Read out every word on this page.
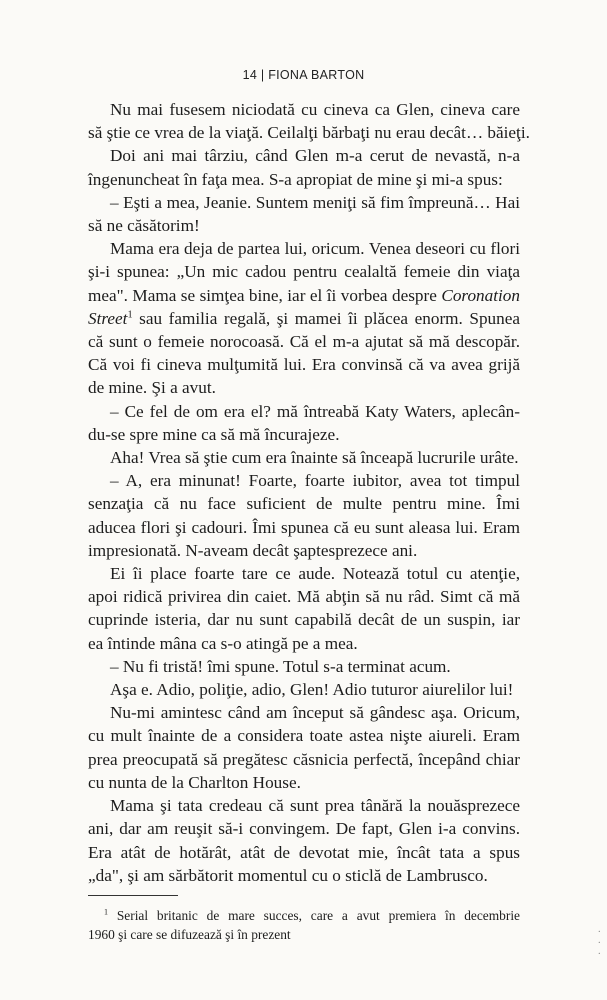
14 | FIONA BARTON
Nu mai fusesem niciodată cu cineva ca Glen, cineva care
să ştie ce vrea de la viaţă. Ceilalţi bărbaţi nu erau decât… băieţi.
Doi ani mai târziu, când Glen m-a cerut de nevastă, n-a
îngenuncheat în faţa mea. S-a apropiat de mine şi mi-a spus:
– Eşti a mea, Jeanie. Suntem meniţi să fim împreună… Hai
să ne căsătorim!
Mama era deja de partea lui, oricum. Venea deseori cu flori
şi-i spunea: „Un mic cadou pentru cealaltă femeie din viaţa
mea". Mama se simţea bine, iar el îi vorbea despre Coronation
Street$^1$ sau familia regală, şi mamei îi plăcea enorm. Spunea
că sunt o femeie norocoasă. Că el m-a ajutat să mă descopăr.
Că voi fi cineva mulţumită lui. Era convinsă că va avea grijă
de mine. Şi a avut.
– Ce fel de om era el? mă întreabă Katy Waters, aplecân-
du-se spre mine ca să mă încurajeze.
Aha! Vrea să ştie cum era înainte să înceapă lucrurile urâte.
– A, era minunat! Foarte, foarte iubitor, avea tot timpul
senzaţia că nu face suficient de multe pentru mine. Îmi
aducea flori şi cadouri. Îmi spunea că eu sunt aleasa lui. Eram
impresionată. N-aveam decât şaptesprezece ani.
Ei îi place foarte tare ce aude. Notează totul cu atenţie,
apoi ridică privirea din caiet. Mă abţin să nu râd. Simt că mă
cuprinde isteria, dar nu sunt capabilă decât de un suspin, iar
ea întinde mâna ca s-o atingă pe a mea.
– Nu fi tristă! îmi spune. Totul s-a terminat acum.
Aşa e. Adio, poliţie, adio, Glen! Adio tuturor aiurelilor lui!
Nu-mi amintesc când am început să gândesc aşa. Oricum,
cu mult înainte de a considera toate astea nişte aiureli. Eram
prea preocupată să pregătesc căsnicia perfectă, începând chiar
cu nunta de la Charlton House.
Mama şi tata credeau că sunt prea tânără la nouăsprezece
ani, dar am reuşit să-i convingem. De fapt, Glen i-a convins.
Era atât de hotărât, atât de devotat mie, încât tata a spus
„da", şi am sărbătorit momentul cu o sticlă de Lambrusco.
$^1$ Serial britanic de mare succes, care a avut premiera în decembrie
1960 şi care se difuzează şi în prezent	·
·
·
